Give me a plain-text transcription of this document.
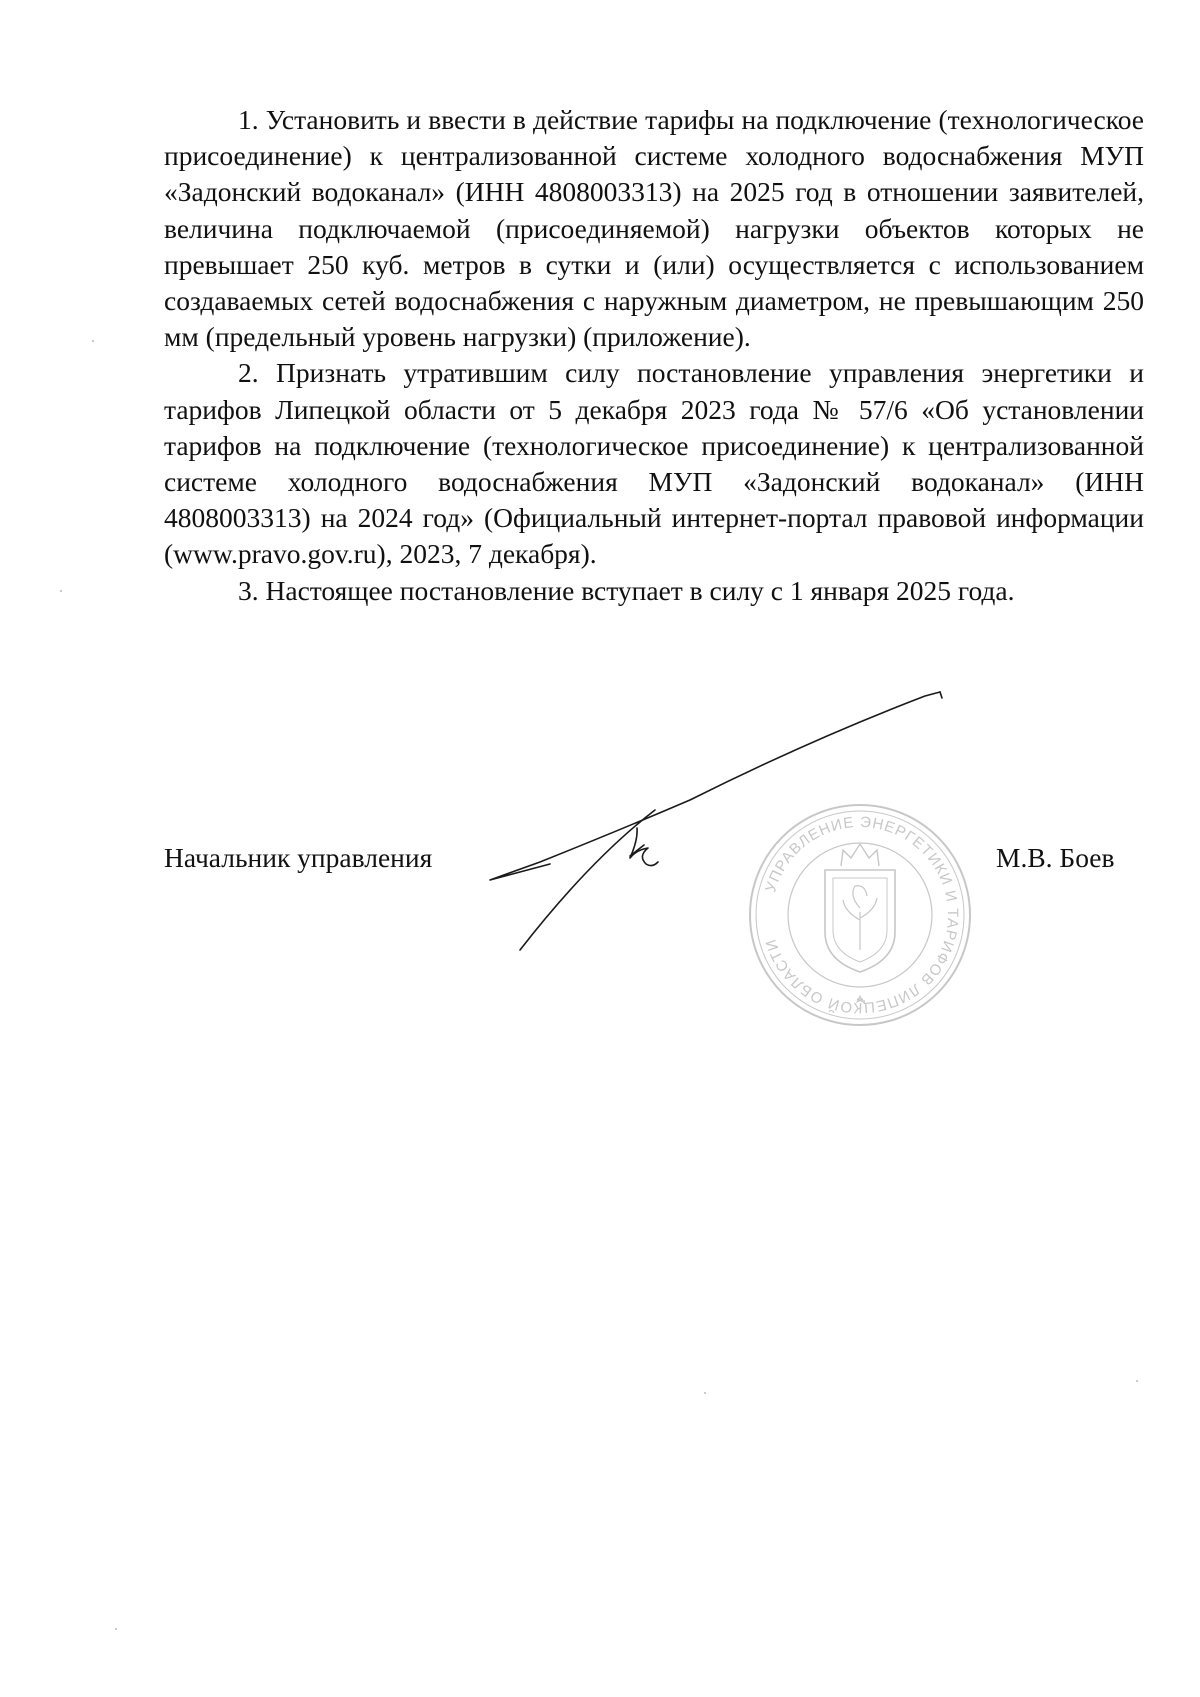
1. Установить и ввести в действие тарифы на подключение (технологическое присоединение) к централизованной системе холодного водоснабжения МУП «Задонский водоканал» (ИНН 4808003313) на 2025 год в отношении заявителей, величина подключаемой (присоединяемой) нагрузки объектов которых не превышает 250 куб. метров в сутки и (или) осуществляется с использованием создаваемых сетей водоснабжения с наружным диаметром, не превышающим 250 мм (предельный уровень нагрузки) (приложение).

2. Признать утратившим силу постановление управления энергетики и тарифов Липецкой области от 5 декабря 2023 года № 57/6 «Об установлении тарифов на подключение (технологическое присоединение) к централизованной системе холодного водоснабжения МУП «Задонский водоканал» (ИНН 4808003313) на 2024 год» (Официальный интернет-портал правовой информации (www.pravo.gov.ru), 2023, 7 декабря).

3. Настоящее постановление вступает в силу с 1 января 2025 года.

УПРАВЛЕНИЕ ЭНЕРГЕТИКИ И ТАРИФОВ ЛИПЕЦКОЙ ОБЛАСТИ
Начальник управления	М.В. Боев
